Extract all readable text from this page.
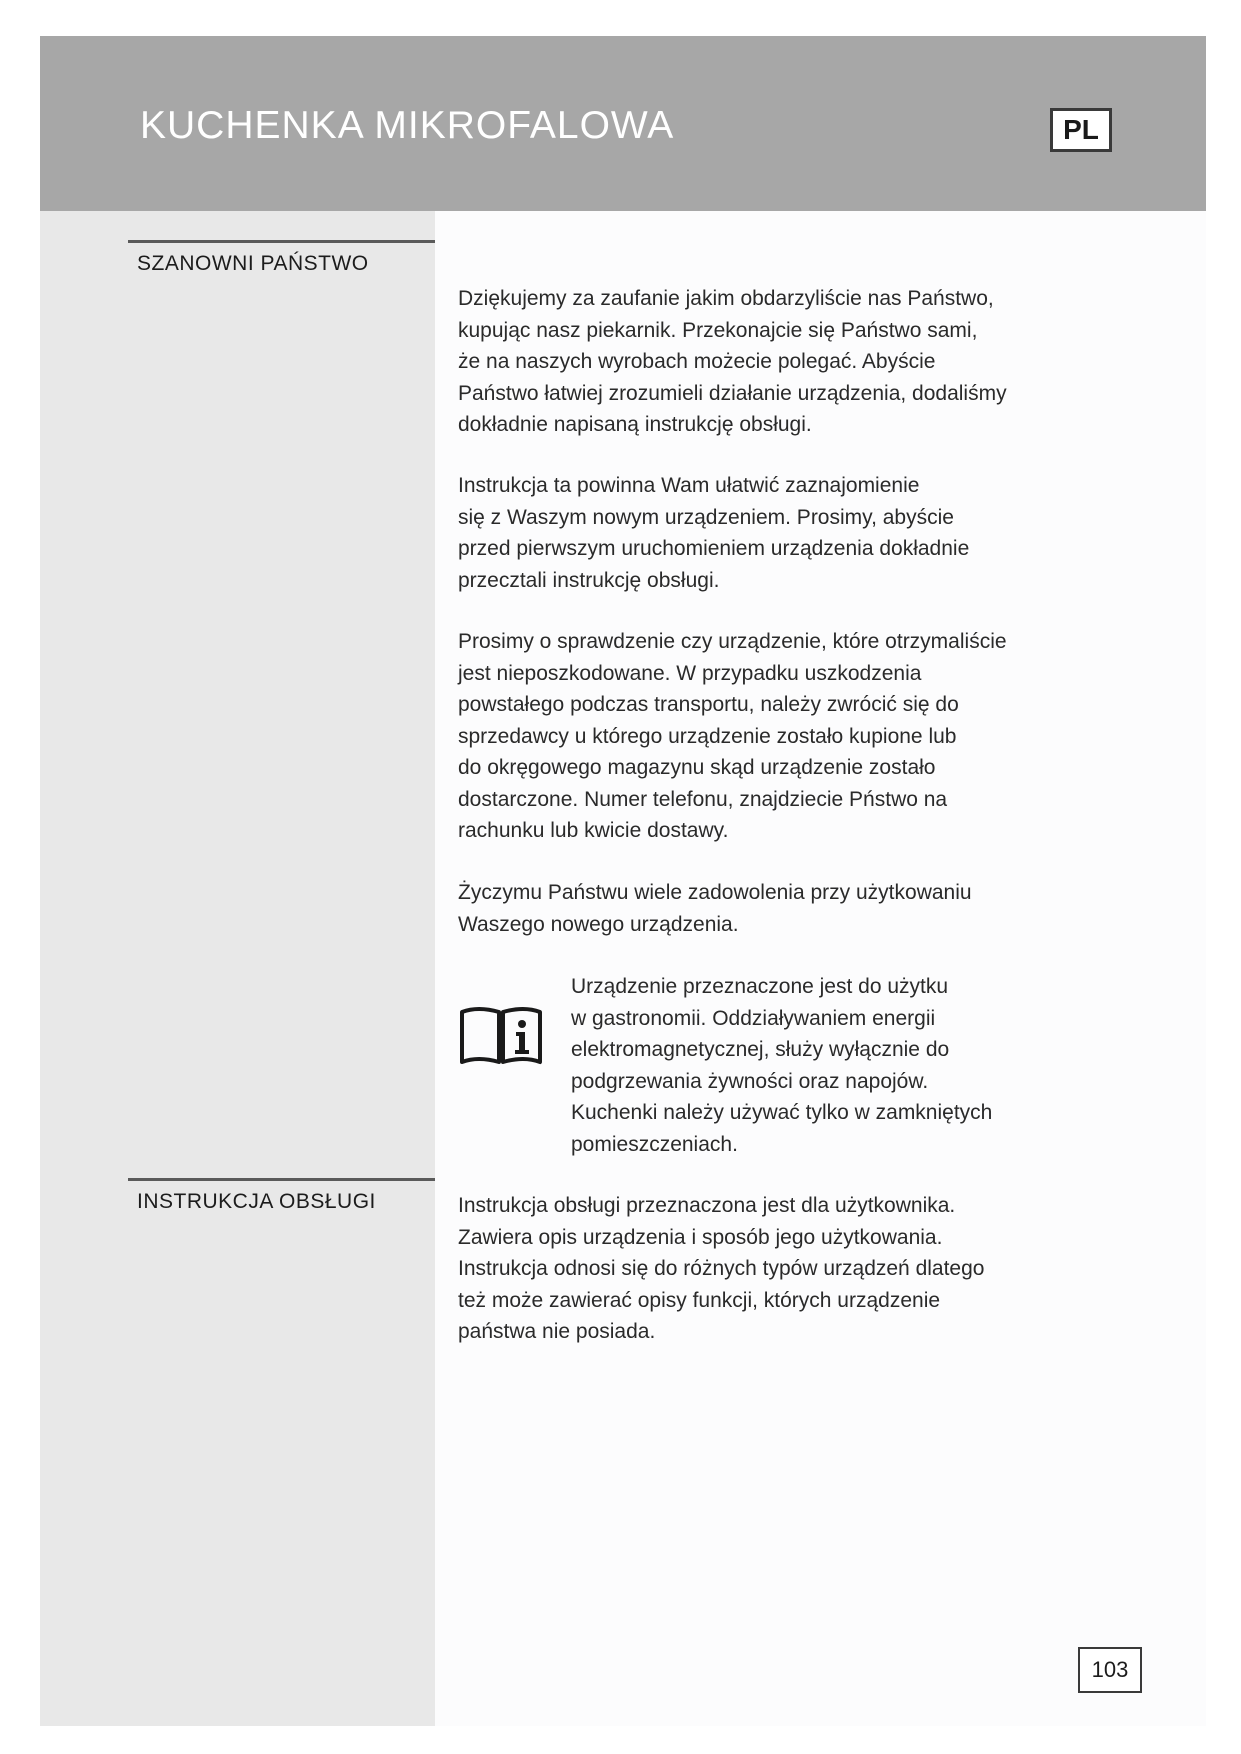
KUCHENKA MIKROFALOWA	PL
SZANOWNI PAŃSTWO

Dziękujemy za zaufanie jakim obdarzyliście nas Państwo,
kupując nasz piekarnik. Przekonajcie się Państwo sami,
że na naszych wyrobach możecie polegać. Abyście
Państwo łatwiej zrozumieli działanie urządzenia, dodaliśmy
dokładnie napisaną instrukcję obsługi.

Instrukcja ta powinna Wam ułatwić zaznajomienie
się z Waszym nowym urządzeniem. Prosimy, abyście
przed pierwszym uruchomieniem urządzenia dokładnie
przecztali instrukcję obsługi.

Prosimy o sprawdzenie czy urządzenie, które otrzymaliście
jest nieposzkodowane. W przypadku uszkodzenia
powstałego podczas transportu, należy zwrócić się do
sprzedawcy u którego urządzenie zostało kupione lub
do okręgowego magazynu skąd urządzenie zostało
dostarczone. Numer telefonu, znajdziecie Pństwo na
rachunku lub kwicie dostawy.

Życzymu Państwu wiele zadowolenia przy użytkowaniu
Waszego nowego urządzenia.

Urządzenie przeznaczone jest do użytku
w gastronomii. Oddziaływaniem energii
elektromagnetycznej, służy wyłącznie do
podgrzewania żywności oraz napojów.
Kuchenki należy używać tylko w zamkniętych
pomieszczeniach.

INSTRUKCJA OBSŁUGI	Instrukcja obsługi przeznaczona jest dla użytkownika.
Zawiera opis urządzenia i sposób jego użytkowania.
Instrukcja odnosi się do różnych typów urządzeń dlatego
też może zawierać opisy funkcji, których urządzenie
państwa nie posiada.

103
